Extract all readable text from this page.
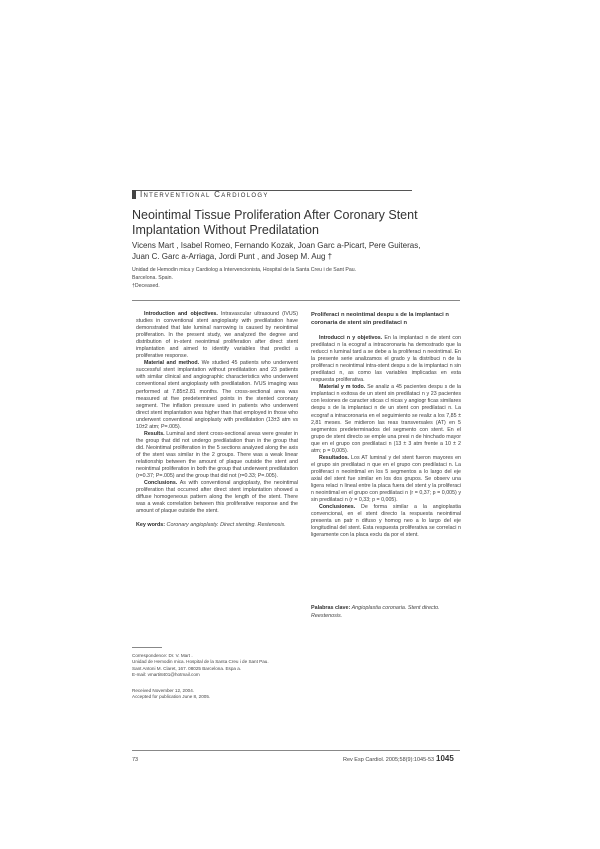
Interventional Cardiology
Neointimal Tissue Proliferation After Coronary Stent Implantation Without Predilatation
Vicens Mart , Isabel Romeo, Fernando Kozak, Joan Garc a-Picart, Pere Guiteras,
Juan C. Garc a-Arriaga, Jordi Punt , and Josep M. Aug †
Unidad de Hemodin mica y Cardiolog a Intervencionista, Hospital de la Santa Creu i de Sant Pau.
Barcelona. Spain.
†Deceased.

Introduction and objectives. Intravascular ultrasound (IVUS) studies in conventional stent angioplasty with predilatation have demonstrated that late luminal narrowing is caused by neointimal proliferation. In the present study, we analyzed the degree and distribution of in-stent neointimal proliferation after direct stent implantation and aimed to identify variables that predict a proliferative response.

Material and method. We studied 45 patients who underwent successful stent implantation without predilatation and 23 patients with similar clinical and angiographic characteristics who underwent conventional stent angioplasty with predilatation. IVUS imaging was performed at 7.85±2.81 months. The cross-sectional area was measured at five predetermined points in the stented coronary segment. The inflation pressure used in patients who underwent direct stent implantation was higher than that employed in those who underwent conventional angioplasty with predilatation (13±3 atm vs 10±2 atm; P=.005).

Results. Luminal and stent cross-sectional areas were greater in the group that did not undergo predilatation than in the group that did. Neointimal proliferation in the 5 sections analyzed along the axis of the stent was similar in the 2 groups. There was a weak linear relationship between the amount of plaque outside the stent and neointimal proliferation in both the group that underwent predilatation (r=0.37; P=.005) and the group that did not (r=0.33; P=.005).

Conclusions. As with conventional angioplasty, the neointimal proliferation that occurred after direct stent implantation showed a diffuse homogeneous pattern along the length of the stent. There was a weak correlation between this proliferative response and the amount of plaque outside the stent.

Key words: Coronary angioplasty. Direct stenting. Restenosis.
Proliferaci n neointimal despu s de la implantaci n coronaria de stent sin predilataci n

Introducci n y objetivos. En la implantaci n de stent con predilataci n la ecograf a intracoronaria ha demostrado que la reducci n luminal tard a se debe a la proliferaci n neointimal. En la presente serie analizamos el grado y la distribuci n de la proliferaci n neointimal intra-stent despu s de la implantaci n sin predilataci n, as como las variables implicadas en esta respuesta proliferativa.

Material y m todo. Se analiz a 45 pacientes despu s de la implantaci n exitosa de un stent sin predilataci n y 23 pacientes con lesiones de caracter sticas cl nicas y angiogr ficas similares despu s de la implantaci n de un stent con predilataci n. La ecograf a intracoronaria en el seguimiento se realiz a los 7,85 ± 2,81 meses. Se midieron las reas transversales (AT) en 5 segmentos predeterminados del segmento con stent. En el grupo de stent directo se emple una presi n de hinchado mayor que en el grupo con predilataci n (13 ± 3 atm frente a 10 ± 2 atm; p = 0,005).

Resultados. Los AT luminal y del stent fueron mayores en el grupo sin predilataci n que en el grupo con predilataci n. La proliferaci n neointimal en los 5 segmentos a lo largo del eje axial del stent fue similar en los dos grupos. Se observ una ligera relaci n lineal entre la placa fuera del stent y la proliferaci n neointimal en el grupo con predilataci n (r = 0,37; p = 0,005) y sin predilataci n (r = 0,33; p = 0,005).

Conclusiones. De forma similar a la angioplastia convencional, en el stent directo la respuesta neointimal presenta un patr n difuso y homog neo a lo largo del eje longitudinal del stent. Esta respuesta proliferativa se correlaci n ligeramente con la placa exclu da por el stent.

Palabras clave: Angioplastia coronaria. Stent directo. Reestenosis.
Correspondence: Dr. V. Mart .
Unidad de Hemodin mica. Hospital de la Santa Creu i de Sant Pau.
Sant Antoni M. Claret, 167. 08025 Barcelona. Espa a.
E-mail: vmarti8401@hotmail.com
Received November 12, 2004.
Accepted for publication June 8, 2005.
73	Rev Esp Cardiol. 2005;58(9):1045-53 1045
